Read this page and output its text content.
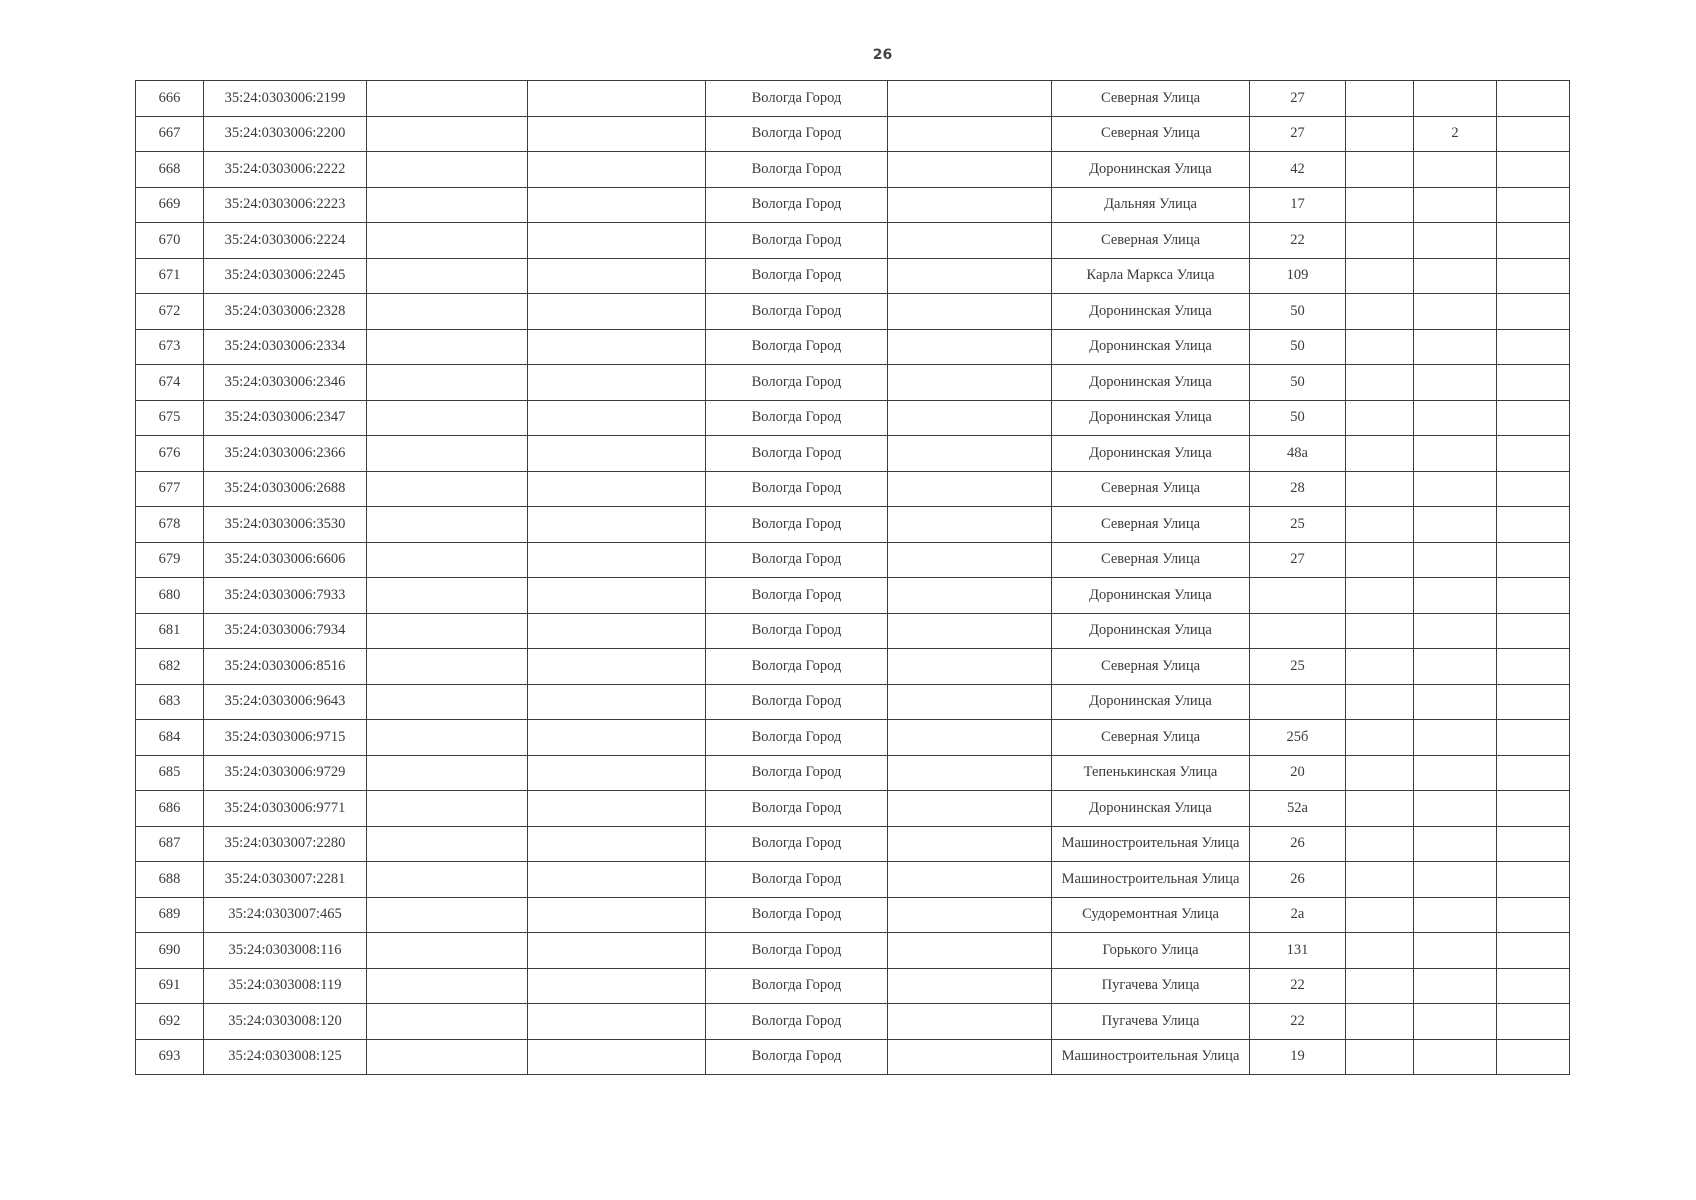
26
666	35:24:0303006:2199			Вологда Город		Северная Улица	27			
667	35:24:0303006:2200			Вологда Город		Северная Улица	27		2	
668	35:24:0303006:2222			Вологда Город		Доронинская Улица	42			
669	35:24:0303006:2223			Вологда Город		Дальняя Улица	17			
670	35:24:0303006:2224			Вологда Город		Северная Улица	22			
671	35:24:0303006:2245			Вологда Город		Карла Маркса Улица	109			
672	35:24:0303006:2328			Вологда Город		Доронинская Улица	50			
673	35:24:0303006:2334			Вологда Город		Доронинская Улица	50			
674	35:24:0303006:2346			Вологда Город		Доронинская Улица	50			
675	35:24:0303006:2347			Вологда Город		Доронинская Улица	50			
676	35:24:0303006:2366			Вологда Город		Доронинская Улица	48а			
677	35:24:0303006:2688			Вологда Город		Северная Улица	28			
678	35:24:0303006:3530			Вологда Город		Северная Улица	25			
679	35:24:0303006:6606			Вологда Город		Северная Улица	27			
680	35:24:0303006:7933			Вологда Город		Доронинская Улица				
681	35:24:0303006:7934			Вологда Город		Доронинская Улица				
682	35:24:0303006:8516			Вологда Город		Северная Улица	25			
683	35:24:0303006:9643			Вологда Город		Доронинская Улица				
684	35:24:0303006:9715			Вологда Город		Северная Улица	25б			
685	35:24:0303006:9729			Вологда Город		Тепенькинская Улица	20			
686	35:24:0303006:9771			Вологда Город		Доронинская Улица	52а			
687	35:24:0303007:2280			Вологда Город		Машиностроительная Улица	26			
688	35:24:0303007:2281			Вологда Город		Машиностроительная Улица	26			
689	35:24:0303007:465			Вологда Город		Судоремонтная Улица	2а			
690	35:24:0303008:116			Вологда Город		Горького Улица	131			
691	35:24:0303008:119			Вологда Город		Пугачева Улица	22			
692	35:24:0303008:120			Вологда Город		Пугачева Улица	22			
693	35:24:0303008:125			Вологда Город		Машиностроительная Улица	19			
